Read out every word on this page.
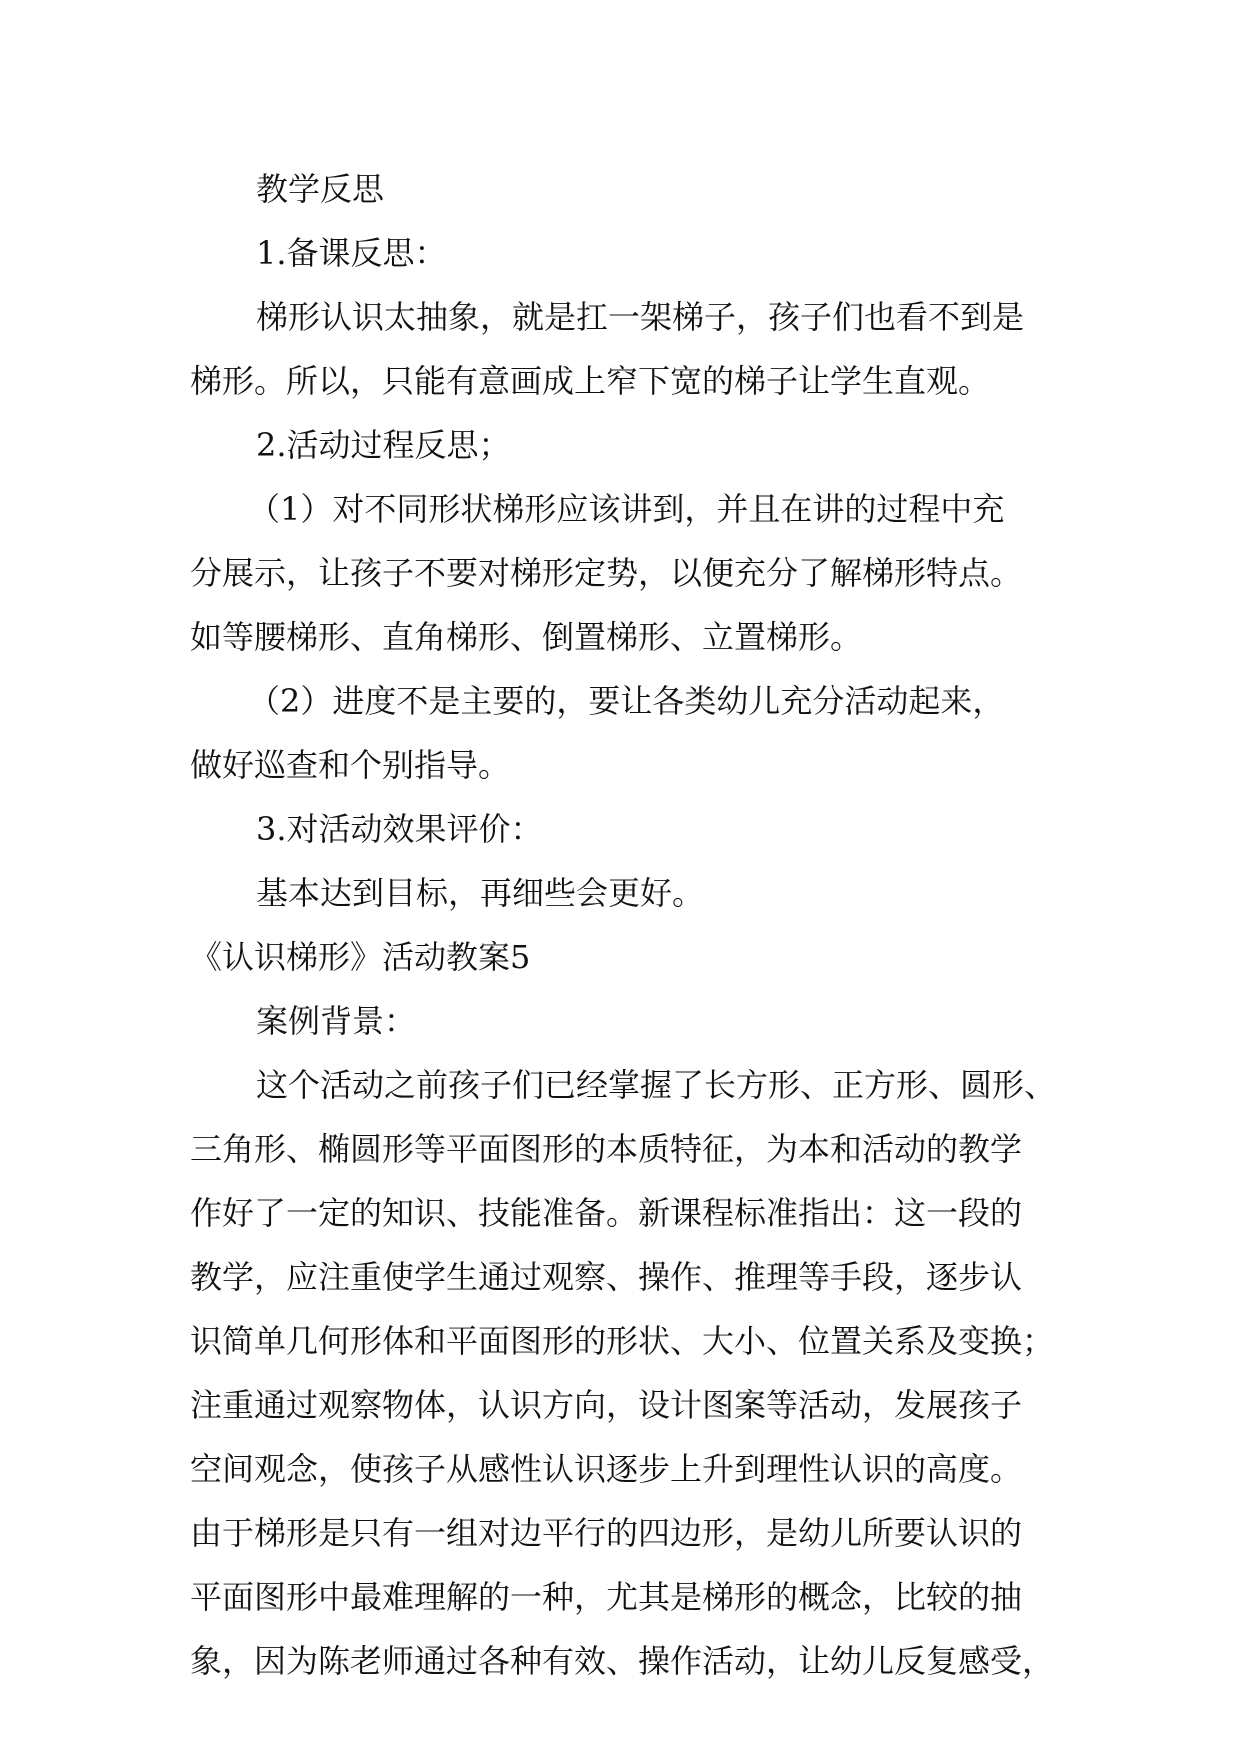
教学反思
1.备课反思：
梯形认识太抽象，就是扛一架梯子，孩子们也看不到是
梯形。所以，只能有意画成上窄下宽的梯子让学生直观。
2.活动过程反思；
（1）对不同形状梯形应该讲到，并且在讲的过程中充
分展示，让孩子不要对梯形定势，以便充分了解梯形特点。
如等腰梯形、直角梯形、倒置梯形、立置梯形。
（2）进度不是主要的，要让各类幼儿充分活动起来，
做好巡查和个别指导。
3.对活动效果评价：
基本达到目标，再细些会更好。
《认识梯形》活动教案5
案例背景：
这个活动之前孩子们已经掌握了长方形、正方形、圆形、
三角形、椭圆形等平面图形的本质特征，为本和活动的教学
作好了一定的知识、技能准备。新课程标准指出：这一段的
教学，应注重使学生通过观察、操作、推理等手段，逐步认
识简单几何形体和平面图形的形状、大小、位置关系及变换；
注重通过观察物体，认识方向，设计图案等活动，发展孩子
空间观念，使孩子从感性认识逐步上升到理性认识的高度。
由于梯形是只有一组对边平行的四边形，是幼儿所要认识的
平面图形中最难理解的一种，尤其是梯形的概念，比较的抽
象，因为陈老师通过各种有效、操作活动，让幼儿反复感受，
